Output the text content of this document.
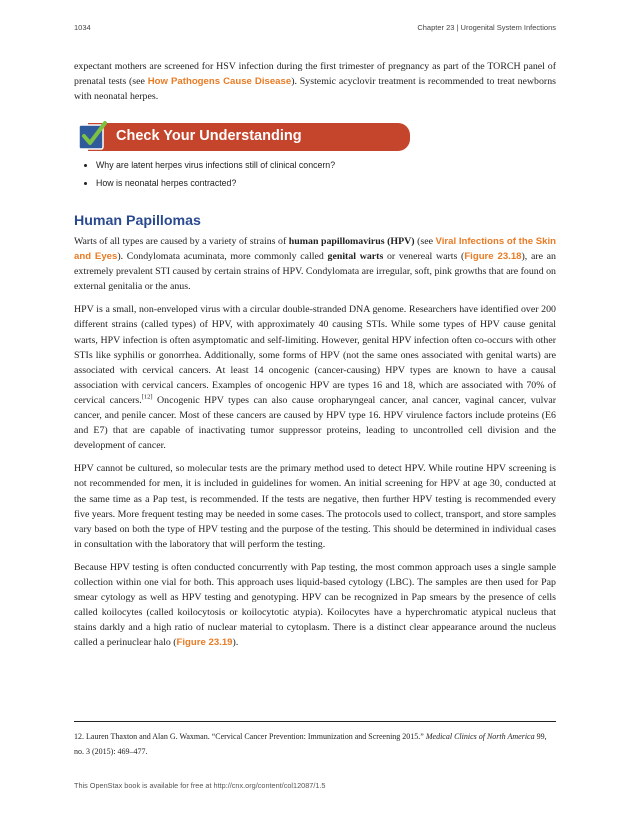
1034	Chapter 23 | Urogenital System Infections

expectant mothers are screened for HSV infection during the first trimester of pregnancy as part of the TORCH panel of prenatal tests (see How Pathogens Cause Disease). Systemic acyclovir treatment is recommended to treat newborns with neonatal herpes.

Check Your Understanding
• Why are latent herpes virus infections still of clinical concern?
• How is neonatal herpes contracted?
Human Papillomas

Warts of all types are caused by a variety of strains of human papillomavirus (HPV) (see Viral Infections of the Skin and Eyes). Condylomata acuminata, more commonly called genital warts or venereal warts (Figure 23.18), are an extremely prevalent STI caused by certain strains of HPV. Condylomata are irregular, soft, pink growths that are found on external genitalia or the anus.

HPV is a small, non-enveloped virus with a circular double-stranded DNA genome. Researchers have identified over 200 different strains (called types) of HPV, with approximately 40 causing STIs. While some types of HPV cause genital warts, HPV infection is often asymptomatic and self-limiting. However, genital HPV infection often co-occurs with other STIs like syphilis or gonorrhea. Additionally, some forms of HPV (not the same ones associated with genital warts) are associated with cervical cancers. At least 14 oncogenic (cancer-causing) HPV types are known to have a causal association with cervical cancers. Examples of oncogenic HPV are types 16 and 18, which are associated with 70% of cervical cancers.[12] Oncogenic HPV types can also cause oropharyngeal cancer, anal cancer, vaginal cancer, vulvar cancer, and penile cancer. Most of these cancers are caused by HPV type 16. HPV virulence factors include proteins (E6 and E7) that are capable of inactivating tumor suppressor proteins, leading to uncontrolled cell division and the development of cancer.

HPV cannot be cultured, so molecular tests are the primary method used to detect HPV. While routine HPV screening is not recommended for men, it is included in guidelines for women. An initial screening for HPV at age 30, conducted at the same time as a Pap test, is recommended. If the tests are negative, then further HPV testing is recommended every five years. More frequent testing may be needed in some cases. The protocols used to collect, transport, and store samples vary based on both the type of HPV testing and the purpose of the testing. This should be determined in individual cases in consultation with the laboratory that will perform the testing.

Because HPV testing is often conducted concurrently with Pap testing, the most common approach uses a single sample collection within one vial for both. This approach uses liquid-based cytology (LBC). The samples are then used for Pap smear cytology as well as HPV testing and genotyping. HPV can be recognized in Pap smears by the presence of cells called koilocytes (called koilocytosis or koilocytotic atypia). Koilocytes have a hyperchromatic atypical nucleus that stains darkly and a high ratio of nuclear material to cytoplasm. There is a distinct clear appearance around the nucleus called a perinuclear halo (Figure 23.19).

12. Lauren Thaxton and Alan G. Waxman. “Cervical Cancer Prevention: Immunization and Screening 2015.” Medical Clinics of North America 99, no. 3 (2015): 469–477.
This OpenStax book is available for free at http://cnx.org/content/col12087/1.5
